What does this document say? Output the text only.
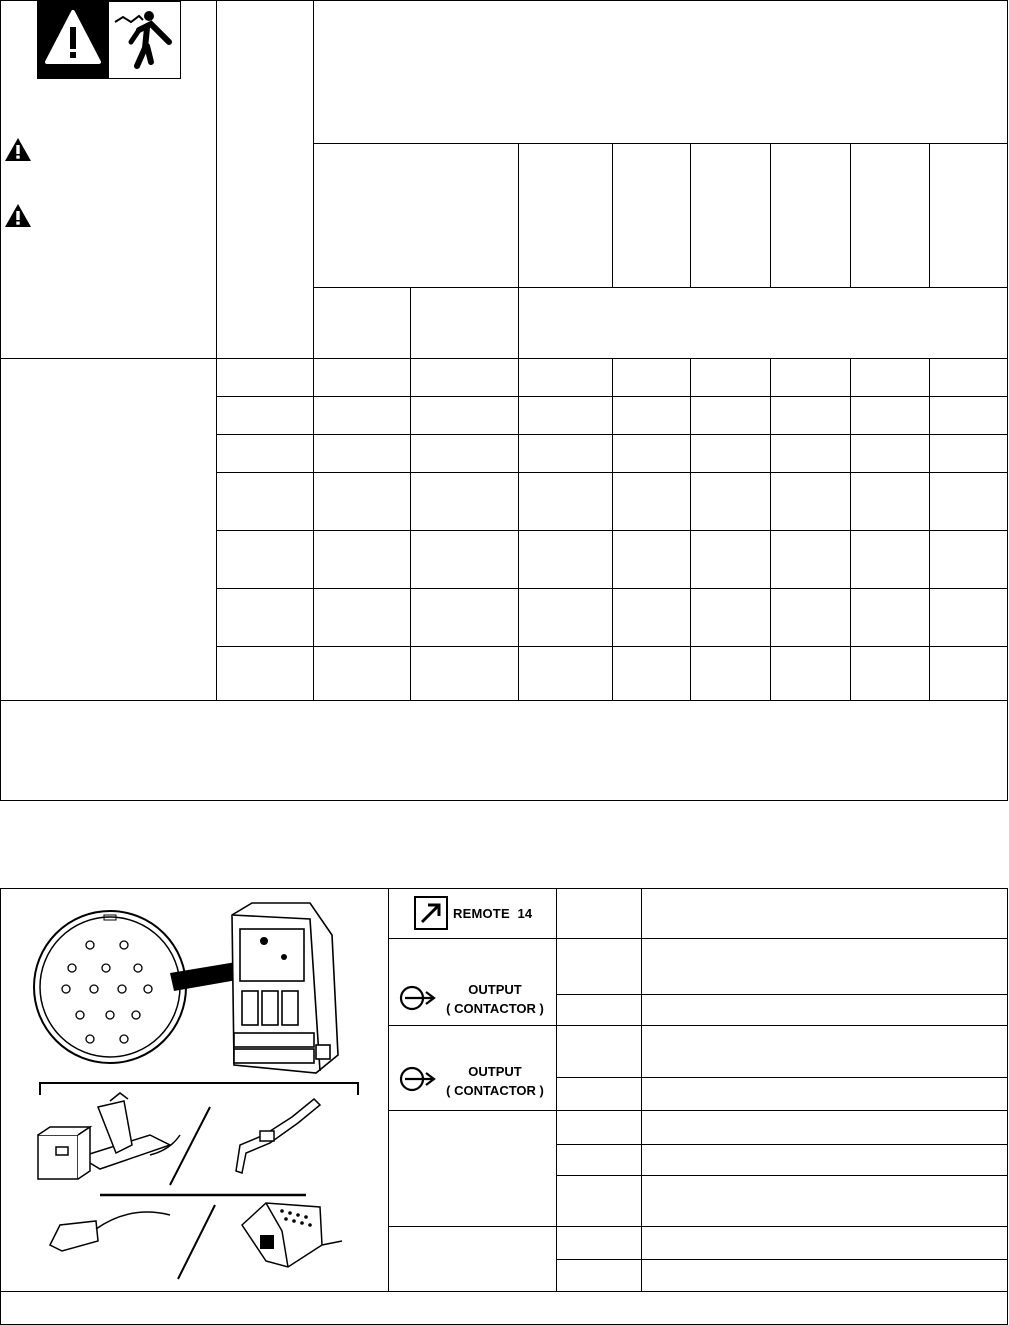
REMOTE 14
OUTPUT
( CONTACTOR )
OUTPUT
( CONTACTOR )
